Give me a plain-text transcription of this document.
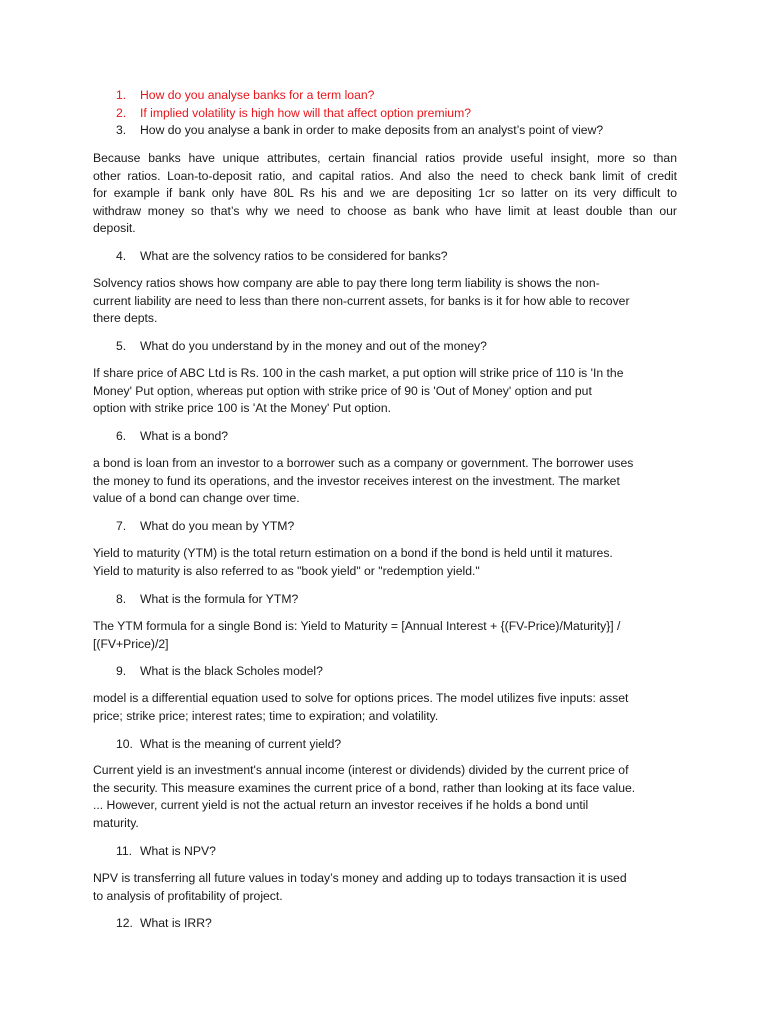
1. How do you analyse banks for a term loan?
2. If implied volatility is high how will that affect option premium?
3. How do you analyse a bank in order to make deposits from an analyst’s point of view?
Because banks have unique attributes, certain financial ratios provide useful insight, more so than
other ratios. Loan-to-deposit ratio, and capital ratios. And also the need to check bank limit of credit
for example if bank only have 80L Rs his and we are depositing 1cr so latter on its very difficult to
withdraw money so that’s why we need to choose as bank who have limit at least double than our
deposit.
4. What are the solvency ratios to be considered for banks?
Solvency ratios shows how company are able to pay there long term liability is shows the non-
current liability are need to less than there non-current assets, for banks is it for how able to recover
there depts.
5. What do you understand by in the money and out of the money?
If share price of ABC Ltd is Rs. 100 in the cash market, a put option will strike price of 110 is 'In the
Money' Put option, whereas put option with strike price of 90 is 'Out of Money' option and put
option with strike price 100 is 'At the Money' Put option.
6. What is a bond?
a bond is loan from an investor to a borrower such as a company or government. The borrower uses
the money to fund its operations, and the investor receives interest on the investment. The market
value of a bond can change over time.
7. What do you mean by YTM?
Yield to maturity (YTM) is the total return estimation on a bond if the bond is held until it matures.
Yield to maturity is also referred to as "book yield" or "redemption yield."
8. What is the formula for YTM?
The YTM formula for a single Bond is: Yield to Maturity = [Annual Interest + {(FV-Price)/Maturity}] /
[(FV+Price)/2]
9. What is the black Scholes model?
model is a differential equation used to solve for options prices. The model utilizes five inputs: asset
price; strike price; interest rates; time to expiration; and volatility.
10. What is the meaning of current yield?
Current yield is an investment's annual income (interest or dividends) divided by the current price of
the security. This measure examines the current price of a bond, rather than looking at its face value.
... However, current yield is not the actual return an investor receives if he holds a bond until
maturity.
11. What is NPV?
NPV is transferring all future values in today’s money and adding up to todays transaction it is used
to analysis of profitability of project.
12. What is IRR?
